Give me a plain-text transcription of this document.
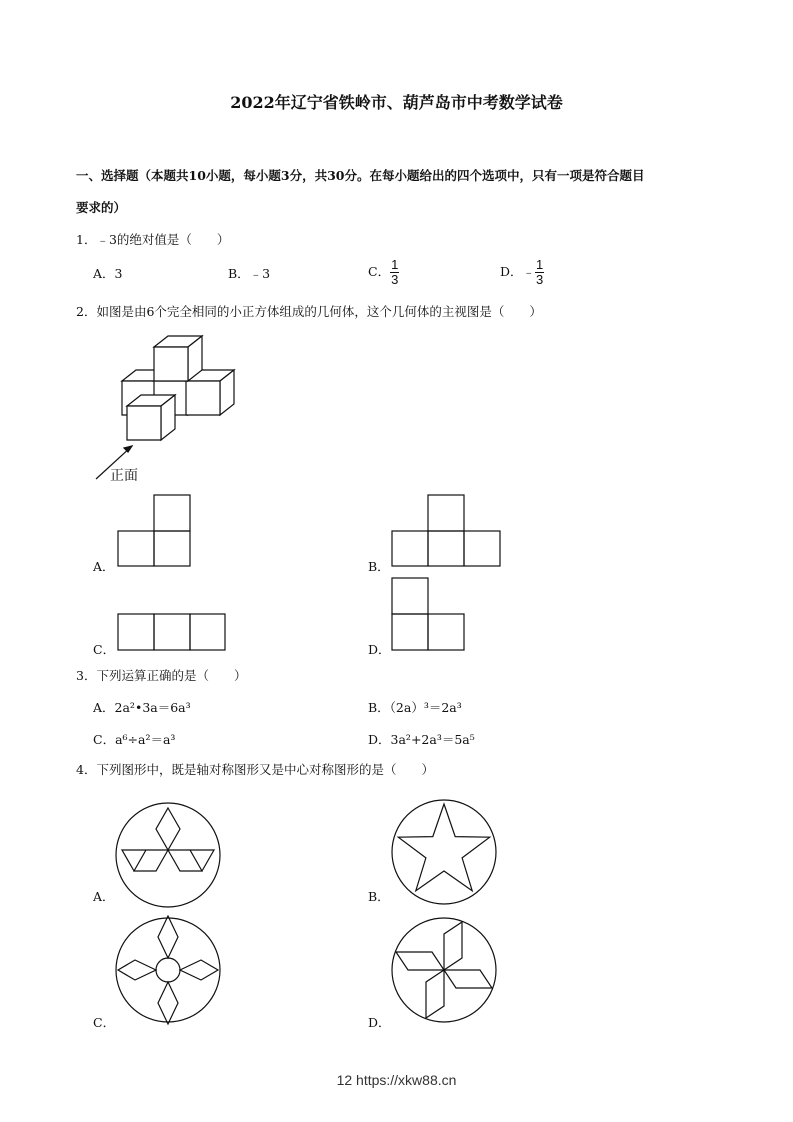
2022年辽宁省铁岭市、葫芦岛市中考数学试卷
一、选择题（本题共10小题，每小题3分，共30分。在每小题给出的四个选项中，只有一项是符合题目
要求的）
1．﹣3的绝对值是（　　）
A．3	B．﹣3	C． $\frac{1}{3}$	D．﹣ $\frac{1}{3}$
2．如图是由6个完全相同的小正方体组成的几何体，这个几何体的主视图是（　　）
正面
A．	B．
C．	D．
3．下列运算正确的是（　　）
A．2a²•3a＝6a³	B．（2a）³＝2a³
C．a⁶÷a²＝a³	D．3a²+2a³＝5a⁵
4．下列图形中，既是轴对称图形又是中心对称图形的是（　　）
A．	B．
C．	D．
12 https://xkw88.cn
